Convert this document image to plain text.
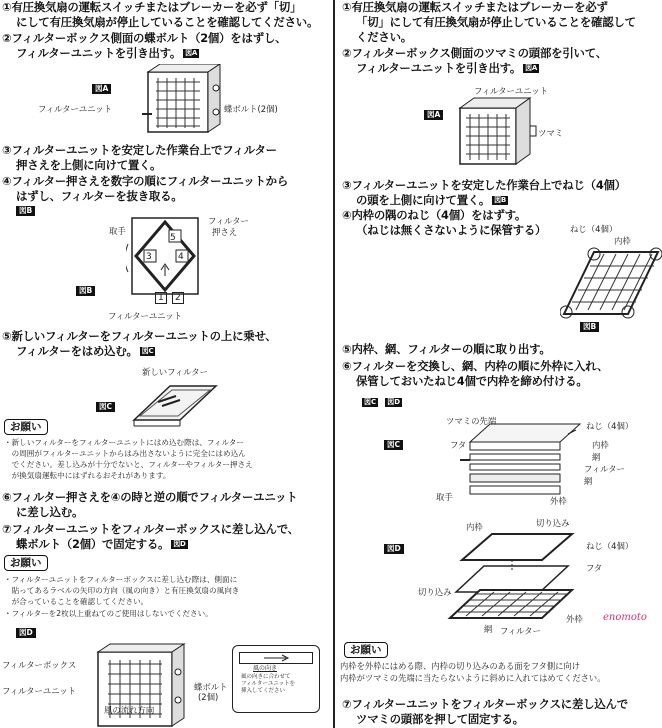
①有圧換気扇の運転スイッチまたはブレーカーを必ず「切」
にして有圧換気扇が停止していることを確認してください。
②フィルターボックス側面の蝶ボルト（2個）をはずし、
フィルターユニットを引き出す。 図A
図A
フィルターユニット	蝶ボルト(2個)
③フィルターユニットを安定した作業台上でフィルター
押さえを上側に向けて置く。
④フィルター押さえを数字の順にフィルターユニットから
はずし、フィルターを抜き取る。
図B
5
3	4
1	2
取手
フィルター
押さえ
図B
フィルターユニット
⑤新しいフィルターをフィルターユニットの上に乗せ、
フィルターをはめ込む。 図C
新しいフィルター
図C
お願い
・新しいフィルターをフィルターユニットにはめ込む際は、フィルター
　の周囲がフィルターユニットからはみ出さないように完全にはめ込ん
　でください。差し込みが十分でないと、フィルターやフィルター押さえ
　が換気扇運転中にはずれるおそれがあります。
⑥フィルター押さえを④の時と逆の順でフィルターユニット
に差し込む。
⑦フィルターユニットをフィルターボックスに差し込んで、
蝶ボルト（2個）で固定する。 図D
お願い
・フィルターユニットをフィルターボックスに差し込む際は、側面に
　貼ってあるラベルの矢印の方向（風の向き）と有圧換気扇の風向き
　が合っていることを確認してください。
・フィルターを2枚以上重ねてのご使用はしないでください。
図D
フィルターボックス
フィルターユニット
風の流れ方向
蝶ボルト
(2個)
風の向き
風の向きに合わせて
フィルターユニットを
挿入してください
①有圧換気扇の運転スイッチまたはブレーカーを必ず
「切」にして有圧換気扇が停止していることを確認して
ください。
②フィルターボックス側面のツマミの頭部を引いて、
フィルターユニットを引き出す。 図A
フィルターユニット
図A
ツマミ
③フィルターユニットを安定した作業台上でねじ（4個）
の頭を上側に向けて置く。 図B
④内枠の隅のねじ（4個）をはずす。
（ねじは無くさないように保管する）	ねじ（4個）
内枠
図B
⑤内枠、網、フィルターの順に取り出す。
⑥フィルターを交換し、網、内枠の順に外枠に入れ、
保管しておいたねじ4個で内枠を締め付ける。
図C 図D
図C
ツマミの先端
フタ
ねじ（4個）
内枠
網
フィルター
網
取手	外枠
図D
内枠	切り込み
ねじ（4個）
フタ
切り込み
網 フィルター
外枠
お願い
内枠を外枠にはめる際、内枠の切り込みのある面をフタ側に向け
内枠がツマミの先端に当たらないように斜めに入れてはめてください。
⑦フィルターユニットをフィルターボックスに差し込んで
ツマミの頭部を押して固定する。
enomoto
